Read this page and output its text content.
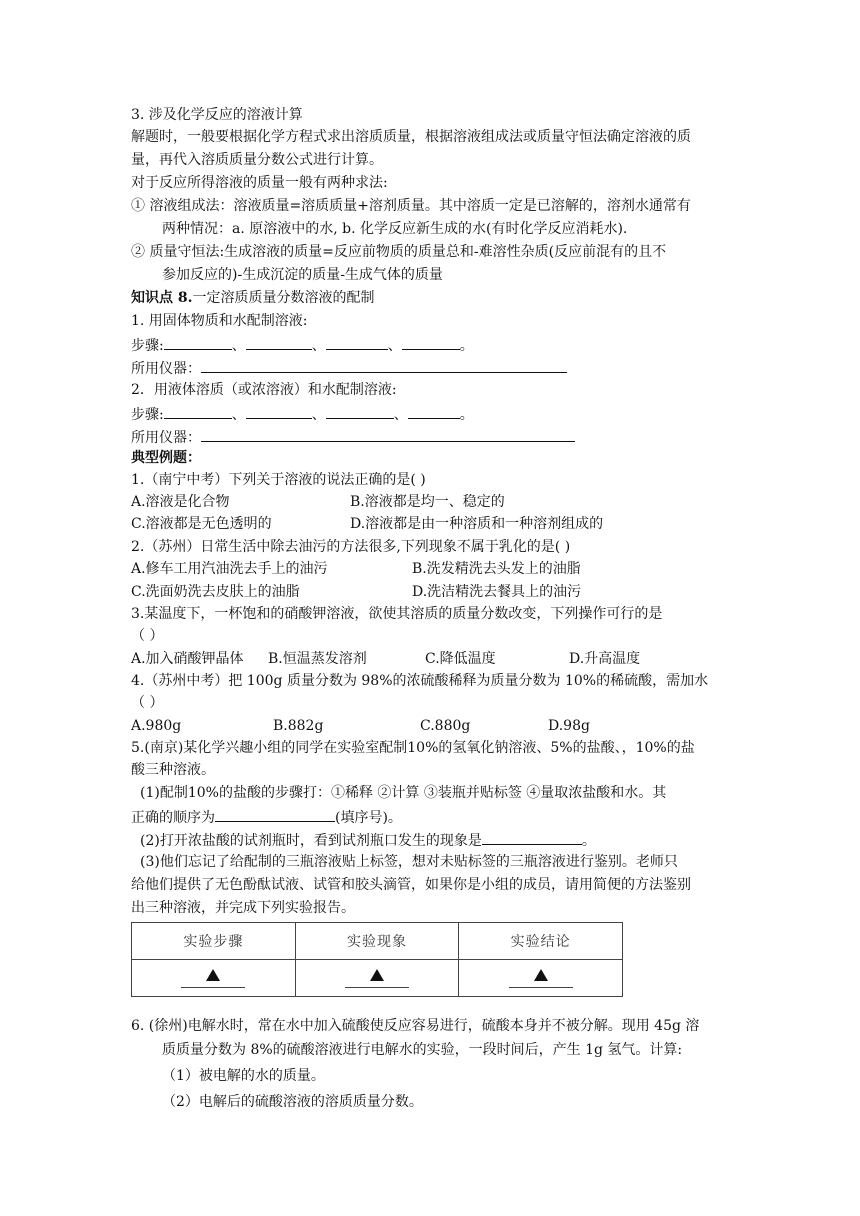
3. 涉及化学反应的溶液计算
解题时，一般要根据化学方程式求出溶质质量，根据溶液组成法或质量守恒法确定溶液的质
量，再代入溶质质量分数公式进行计算。
对于反应所得溶液的质量一般有两种求法:
① 溶液组成法：溶液质量=溶质质量+溶剂质量。其中溶质一定是已溶解的，溶剂水通常有
两种情况：a. 原溶液中的水, b. 化学反应新生成的水(有时化学反应消耗水).
② 质量守恒法:生成溶液的质量=反应前物质的质量总和-难溶性杂质(反应前混有的且不
参加反应的)-生成沉淀的质量-生成气体的质量
知识点 8.一定溶质质量分数溶液的配制
1. 用固体物质和水配制溶液:
步骤:	、	、	、	。
所用仪器：
2．用液体溶质（或浓溶液）和水配制溶液:
步骤:	、	、	、	。
所用仪器：
典型例题：
1.（南宁中考）下列关于溶液的说法正确的是( )
A.溶液是化合物	B.溶液都是均一、稳定的
C.溶液都是无色透明的	D.溶液都是由一种溶质和一种溶剂组成的
2.（苏州）日常生活中除去油污的方法很多,下列现象不属于乳化的是( )
A.修车工用汽油洗去手上的油污	B.洗发精洗去头发上的油脂
C.洗面奶洗去皮肤上的油脂	D.洗洁精洗去餐具上的油污
3.某温度下，一杯饱和的硝酸钾溶液，欲使其溶质的质量分数改变，下列操作可行的是
（ ）
A.加入硝酸钾晶体 B.恒温蒸发溶剂	C.降低温度	D.升高温度
4.（苏州中考）把 100g 质量分数为 98%的浓硫酸稀释为质量分数为 10%的稀硫酸，需加水
（ ）
A.980g	B.882g	C.880g	D.98g
5.(南京)某化学兴趣小组的同学在实验室配制10%的氢氧化钠溶液、5%的盐酸、，10%的盐
酸三种溶液。
(1)配制10%的盐酸的步骤打：①稀释 ②计算 ③装瓶并贴标签 ④量取浓盐酸和水。其
正确的顺序为	(填序号)。
(2)打开浓盐酸的试剂瓶时，看到试剂瓶口发生的现象是	。
(3)他们忘记了给配制的三瓶溶液贴上标签，想对未贴标签的三瓶溶液进行鉴别。老师只
给他们提供了无色酚酞试液、试管和胶头滴管，如果你是小组的成员，请用简便的方法鉴别
出三种溶液，并完成下列实验报告。
实验步骤	实验现象	实验结论

6. (徐州)电解水时，常在水中加入硫酸使反应容易进行，硫酸本身并不被分解。现用 45g 溶
质质量分数为 8%的硫酸溶液进行电解水的实验，一段时间后，产生 1g 氢气。计算:
（1）被电解的水的质量。
（2）电解后的硫酸溶液的溶质质量分数。
